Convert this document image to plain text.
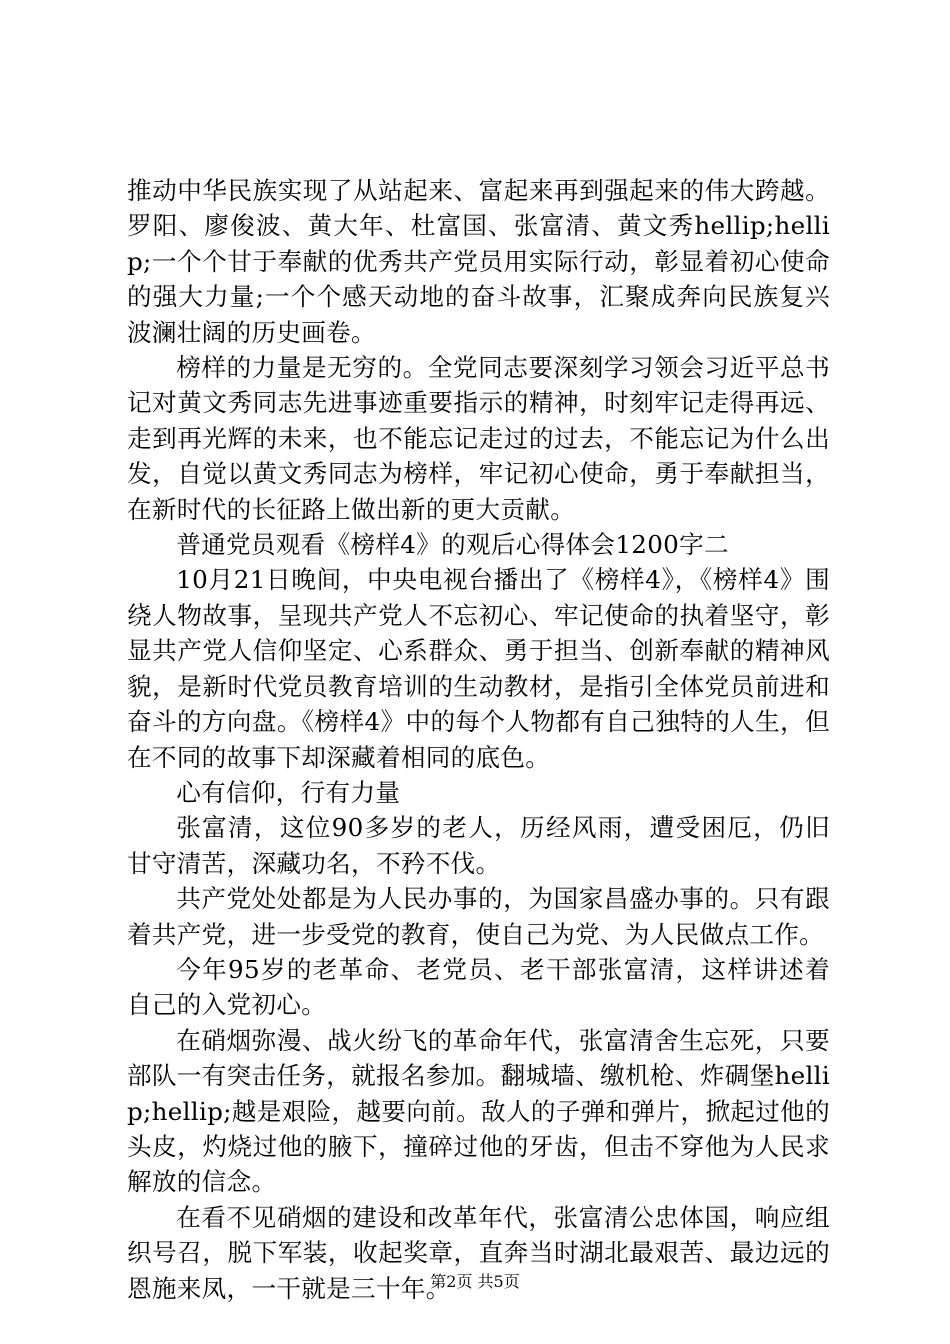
推动中华民族实现了从站起来、富起来再到强起来的伟大跨越。罗阳、廖俊波、黄大年、杜富国、张富清、黄文秀hellip;hellip;一个个甘于奉献的优秀共产党员用实际行动，彰显着初心使命的强大力量;一个个感天动地的奋斗故事，汇聚成奔向民族复兴波澜壮阔的历史画卷。

榜样的力量是无穷的。全党同志要深刻学习领会习近平总书记对黄文秀同志先进事迹重要指示的精神，时刻牢记走得再远、走到再光辉的未来，也不能忘记走过的过去，不能忘记为什么出发，自觉以黄文秀同志为榜样，牢记初心使命，勇于奉献担当，在新时代的长征路上做出新的更大贡献。

普通党员观看《榜样4》的观后心得体会1200字二

10月21日晚间，中央电视台播出了《榜样4》，《榜样4》围绕人物故事，呈现共产党人不忘初心、牢记使命的执着坚守，彰显共产党人信仰坚定、心系群众、勇于担当、创新奉献的精神风貌，是新时代党员教育培训的生动教材，是指引全体党员前进和奋斗的方向盘。《榜样4》中的每个人物都有自己独特的人生，但在不同的故事下却深藏着相同的底色。

心有信仰，行有力量

张富清，这位90多岁的老人，历经风雨，遭受困厄，仍旧甘守清苦，深藏功名，不矜不伐。

共产党处处都是为人民办事的，为国家昌盛办事的。只有跟着共产党，进一步受党的教育，使自己为党、为人民做点工作。

今年95岁的老革命、老党员、老干部张富清，这样讲述着自己的入党初心。

在硝烟弥漫、战火纷飞的革命年代，张富清舍生忘死，只要部队一有突击任务，就报名参加。翻城墙、缴机枪、炸碉堡hellip;hellip;越是艰险，越要向前。敌人的子弹和弹片，掀起过他的头皮，灼烧过他的腋下，撞碎过他的牙齿，但击不穿他为人民求解放的信念。

在看不见硝烟的建设和改革年代，张富清公忠体国，响应组织号召，脱下军装，收起奖章，直奔当时湖北最艰苦、最边远的恩施来凤，一干就是三十年。

第2页 共5页
